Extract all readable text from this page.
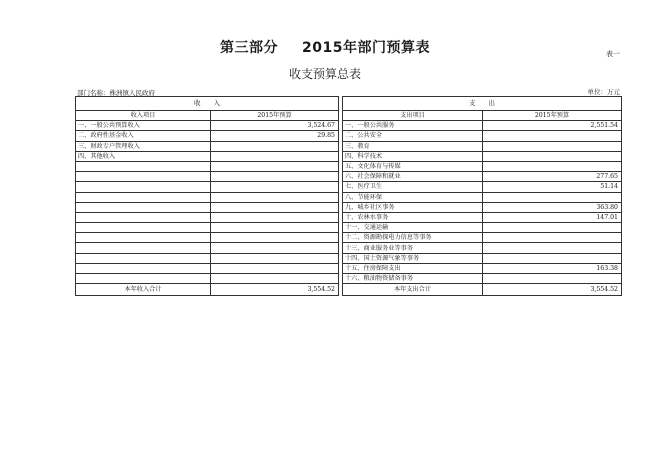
第三部分 2015年部门预算表	表一
收支预算总表
部门名称：株洲镇人民政府	单位：万元
收　　入			支　　出	
收入项目	2015年预算		支出项目	2015年预算
一、一般公共预算收入	3,524.67		一、一般公共服务	2,551.54
二、政府性基金收入	29.85		二、公共安全	
三、财政专户管理收入			三、教育	
四、其他收入			四、科学技术	
			五、文化体育与传媒	
			六、社会保障和就业	277.65
			七、医疗卫生	51.14
			八、节能环保	
			九、城乡社区事务	363.80
			十、农林水事务	147.01
			十一、交通运输	
			十二、资源勘探电力信息等事务	
			十三、商业服务业等事务	
			十四、国土资源气象等事务	
			十五、住房保障支出	163.38
			十六、粮油物资储备事务	
本年收入合计	3,554.52		本年支出合计	3,554.52
